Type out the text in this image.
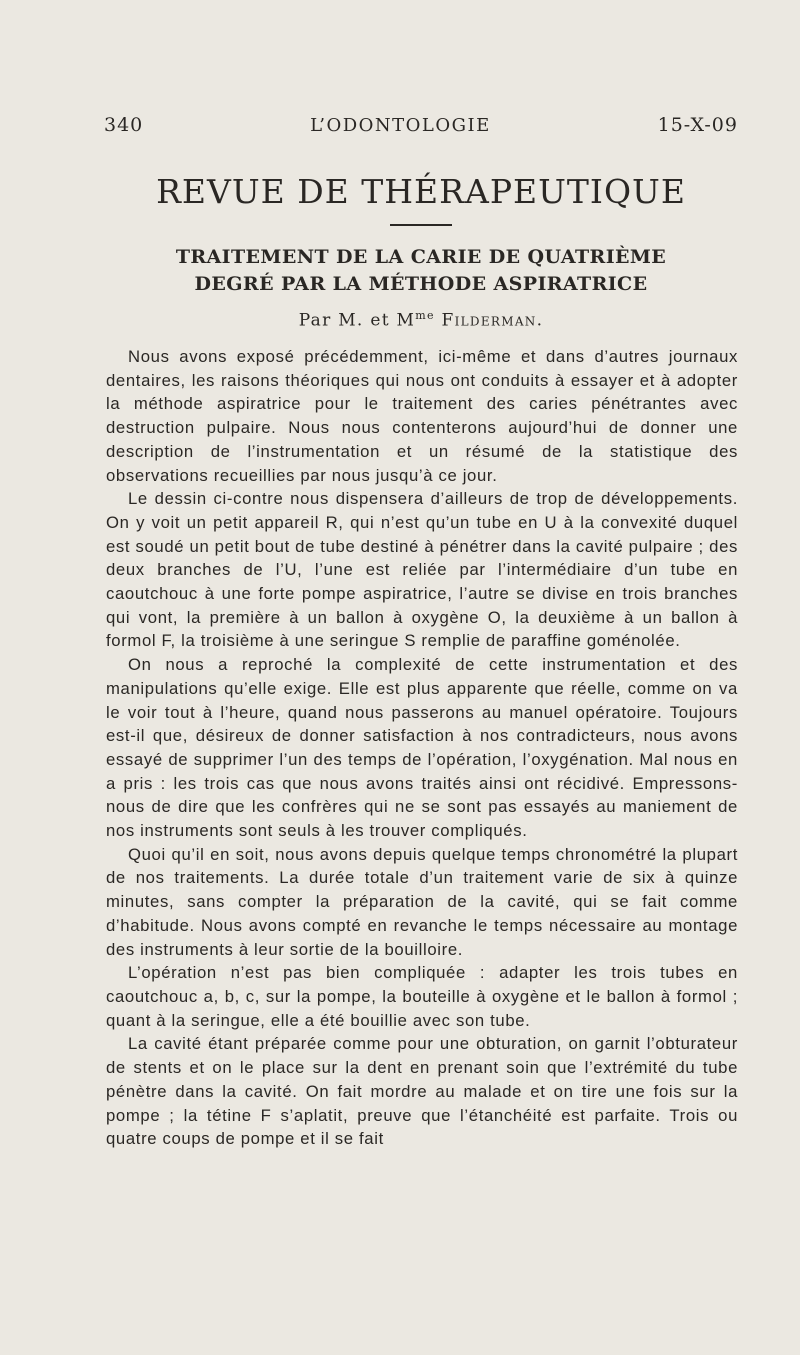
340	L’ODONTOLOGIE	15-X-09
REVUE DE THÉRAPEUTIQUE
TRAITEMENT DE LA CARIE DE QUATRIÈME
DEGRÉ PAR LA MÉTHODE ASPIRATRICE
Par M. et $M^{me}$ Filderman.

Nous avons exposé précédemment, ici-même et dans d’autres journaux dentaires, les raisons théoriques qui nous ont conduits à essayer et à adopter la méthode aspiratrice pour le traitement des caries pénétrantes avec destruction pulpaire. Nous nous contenterons aujourd’hui de donner une description de l’instrumentation et un résumé de la statistique des observations recueillies par nous jusqu’à ce jour.

Le dessin ci-contre nous dispensera d’ailleurs de trop de développements. On y voit un petit appareil R, qui n’est qu’un tube en U à la convexité duquel est soudé un petit bout de tube destiné à pénétrer dans la cavité pulpaire ; des deux branches de l’U, l’une est reliée par l’intermédiaire d’un tube en caoutchouc à une forte pompe aspiratrice, l’autre se divise en trois branches qui vont, la première à un ballon à oxygène O, la deuxième à un ballon à formol F, la troisième à une seringue S remplie de paraffine goménolée.

On nous a reproché la complexité de cette instrumentation et des manipulations qu’elle exige. Elle est plus apparente que réelle, comme on va le voir tout à l’heure, quand nous passerons au manuel opératoire. Toujours est-il que, désireux de donner satisfaction à nos contradicteurs, nous avons essayé de supprimer l’un des temps de l’opération, l’oxygénation. Mal nous en a pris : les trois cas que nous avons traités ainsi ont récidivé. Empressons-nous de dire que les confrères qui ne se sont pas essayés au maniement de nos instruments sont seuls à les trouver compliqués.

Quoi qu’il en soit, nous avons depuis quelque temps chronométré la plupart de nos traitements. La durée totale d’un traitement varie de six à quinze minutes, sans compter la préparation de la cavité, qui se fait comme d’habitude. Nous avons compté en revanche le temps nécessaire au montage des instruments à leur sortie de la bouilloire.

L’opération n’est pas bien compliquée : adapter les trois tubes en caoutchouc a, b, c, sur la pompe, la bouteille à oxygène et le ballon à formol ; quant à la seringue, elle a été bouillie avec son tube.

La cavité étant préparée comme pour une obturation, on garnit l’obturateur de stents et on le place sur la dent en prenant soin que l’extrémité du tube pénètre dans la cavité. On fait mordre au malade et on tire une fois sur la pompe ; la tétine F s’aplatit, preuve que l’étanchéité est parfaite. Trois ou quatre coups de pompe et il se fait
